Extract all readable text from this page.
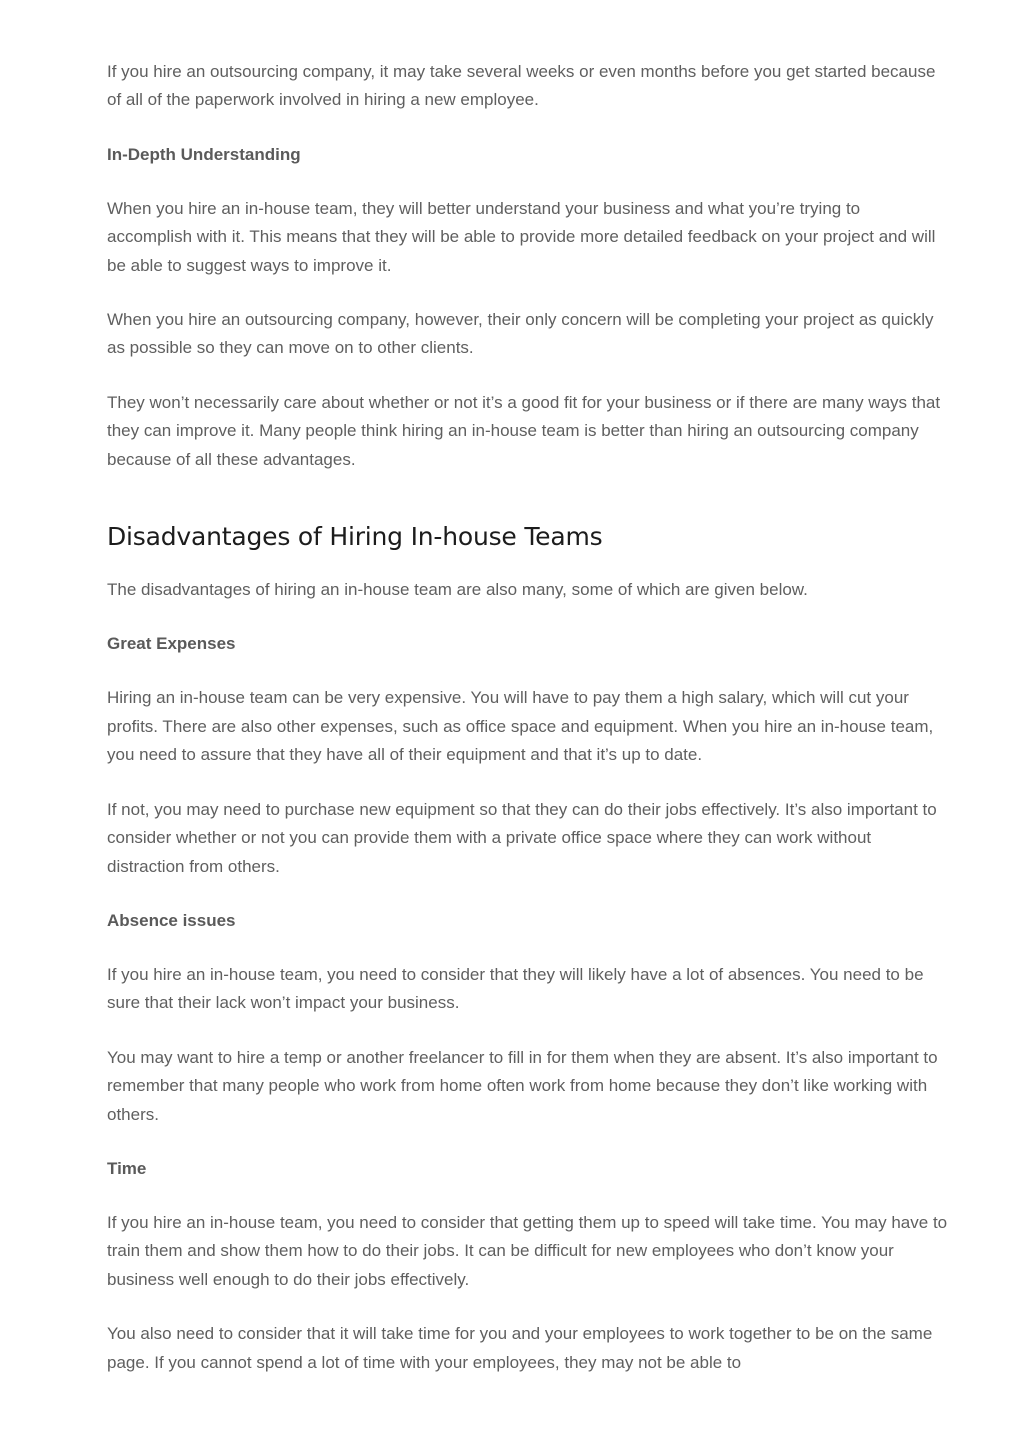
If you hire an outsourcing company, it may take several weeks or even months before you get started because of all of the paperwork involved in hiring a new employee.

In-Depth Understanding

When you hire an in-house team, they will better understand your business and what you’re trying to accomplish with it. This means that they will be able to provide more detailed feedback on your project and will be able to suggest ways to improve it.

When you hire an outsourcing company, however, their only concern will be completing your project as quickly as possible so they can move on to other clients.

They won’t necessarily care about whether or not it’s a good fit for your business or if there are many ways that they can improve it. Many people think hiring an in-house team is better than hiring an outsourcing company because of all these advantages.

Disadvantages of Hiring In-house Teams

The disadvantages of hiring an in-house team are also many, some of which are given below.

Great Expenses

Hiring an in-house team can be very expensive. You will have to pay them a high salary, which will cut your profits. There are also other expenses, such as office space and equipment. When you hire an in-house team, you need to assure that they have all of their equipment and that it’s up to date.

If not, you may need to purchase new equipment so that they can do their jobs effectively. It’s also important to consider whether or not you can provide them with a private office space where they can work without distraction from others.

Absence issues

If you hire an in-house team, you need to consider that they will likely have a lot of absences. You need to be sure that their lack won’t impact your business.

You may want to hire a temp or another freelancer to fill in for them when they are absent. It’s also important to remember that many people who work from home often work from home because they don’t like working with others.

Time

If you hire an in-house team, you need to consider that getting them up to speed will take time. You may have to train them and show them how to do their jobs. It can be difficult for new employees who don’t know your business well enough to do their jobs effectively.

You also need to consider that it will take time for you and your employees to work together to be on the same page. If you cannot spend a lot of time with your employees, they may not be able to
